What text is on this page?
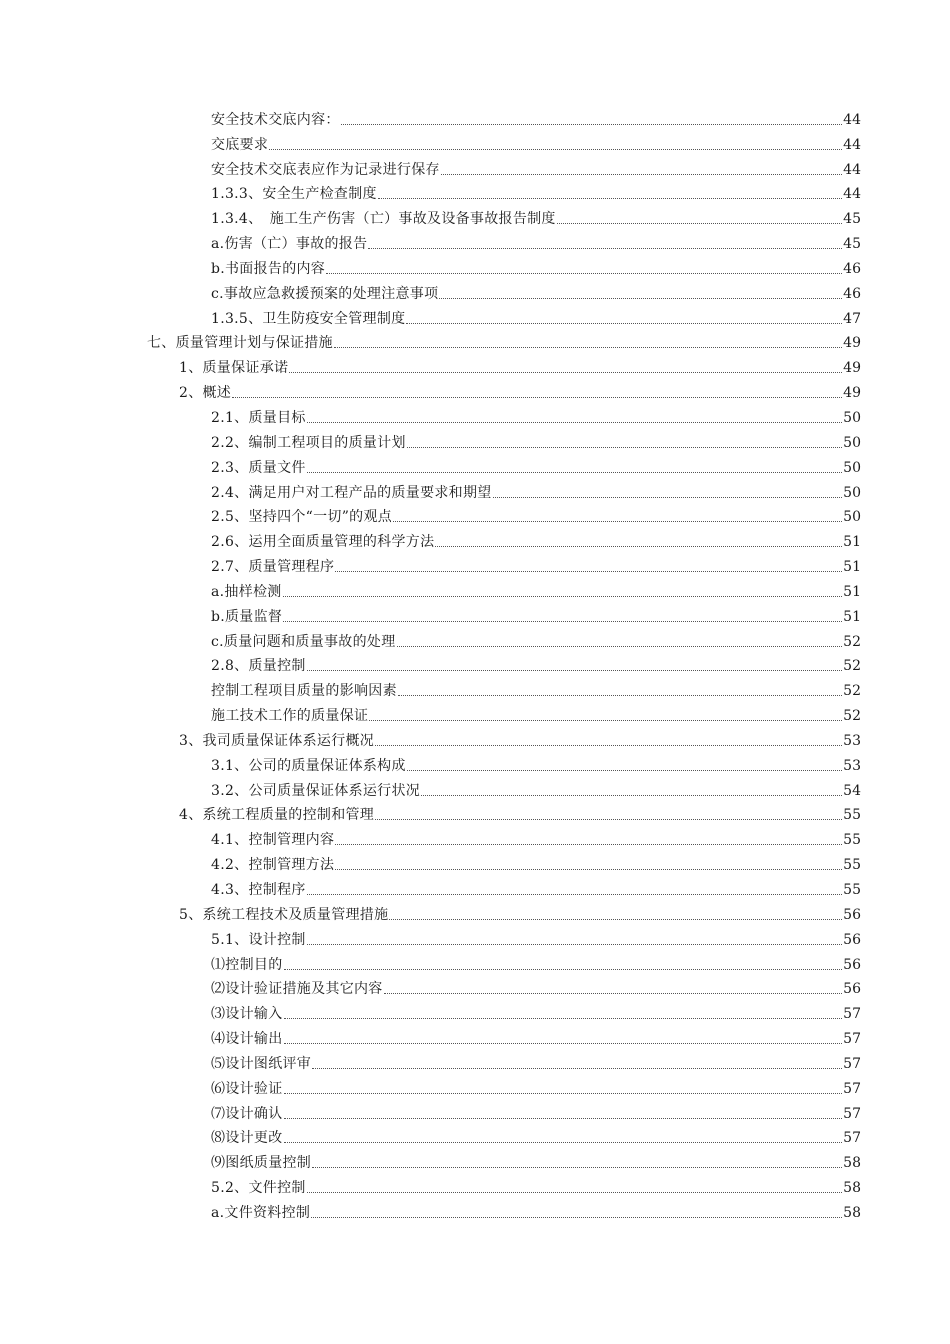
安全技术交底内容：	44
交底要求	44
安全技术交底表应作为记录进行保存	44
1.3.3、安全生产检查制度	44
1.3.4、　施工生产伤害（亡）事故及设备事故报告制度	45
a.伤害（亡）事故的报告	45
b.书面报告的内容	46
c.事故应急救援预案的处理注意事项	46
1.3.5、卫生防疫安全管理制度	47
七、质量管理计划与保证措施	49
1、质量保证承诺	49
2、概述	49
2.1、质量目标	50
2.2、编制工程项目的质量计划	50
2.3、质量文件	50
2.4、满足用户对工程产品的质量要求和期望	50
2.5、坚持四个“一切”的观点	50
2.6、运用全面质量管理的科学方法	51
2.7、质量管理程序	51
a.抽样检测	51
b.质量监督	51
c.质量问题和质量事故的处理	52
2.8、质量控制	52
控制工程项目质量的影响因素	52
施工技术工作的质量保证	52
3、我司质量保证体系运行概况	53
3.1、公司的质量保证体系构成	53
3.2、公司质量保证体系运行状况	54
4、系统工程质量的控制和管理	55
4.1、控制管理内容	55
4.2、控制管理方法	55
4.3、控制程序	55
5、系统工程技术及质量管理措施	56
5.1、设计控制	56
⑴控制目的	56
⑵设计验证措施及其它内容	56
⑶设计输入	57
⑷设计输出	57
⑸设计图纸评审	57
⑹设计验证	57
⑺设计确认	57
⑻设计更改	57
⑼图纸质量控制	58
5.2、文件控制	58
a.文件资料控制	58
